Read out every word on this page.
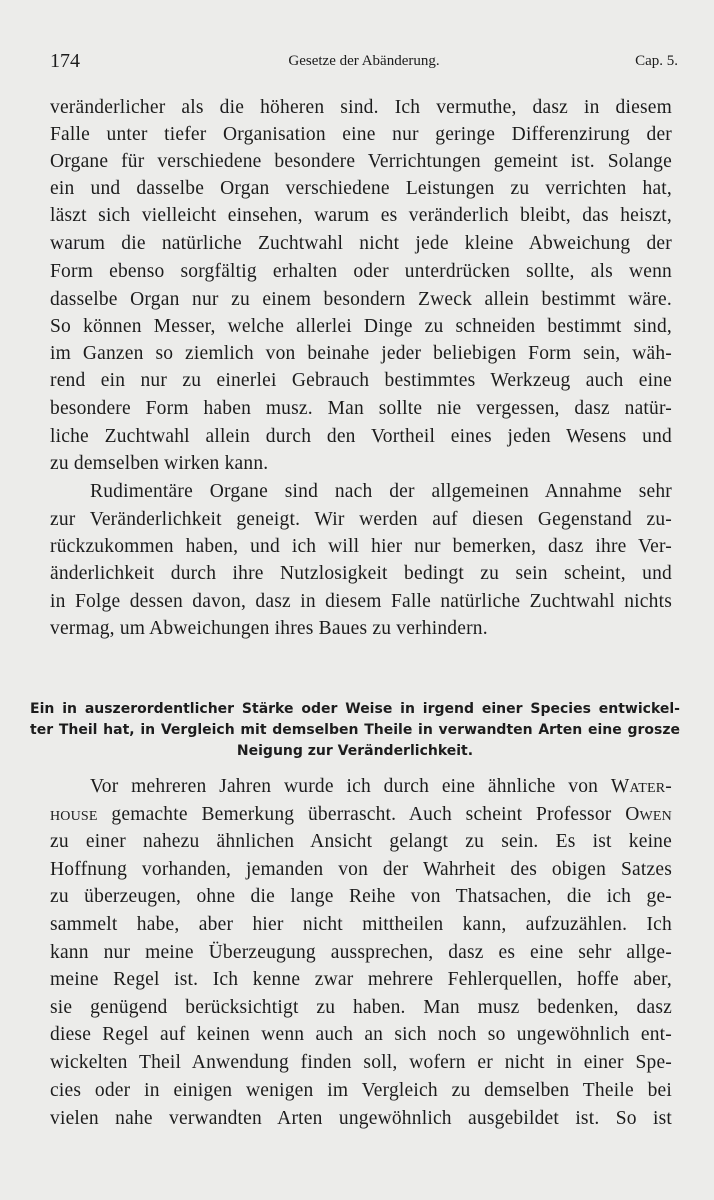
174	Gesetze der Abänderung.	Cap. 5.
veränderlicher als die höheren sind. Ich vermuthe, dasz in diesem
Falle unter tiefer Organisation eine nur geringe Differenzirung der
Organe für verschiedene besondere Verrichtungen gemeint ist. Solange
ein und dasselbe Organ verschiedene Leistungen zu verrichten hat,
läszt sich vielleicht einsehen, warum es veränderlich bleibt, das heiszt,
warum die natürliche Zuchtwahl nicht jede kleine Abweichung der
Form ebenso sorgfältig erhalten oder unterdrücken sollte, als wenn
dasselbe Organ nur zu einem besondern Zweck allein bestimmt wäre.
So können Messer, welche allerlei Dinge zu schneiden bestimmt sind,
im Ganzen so ziemlich von beinahe jeder beliebigen Form sein, wäh-
rend ein nur zu einerlei Gebrauch bestimmtes Werkzeug auch eine
besondere Form haben musz. Man sollte nie vergessen, dasz natür-
liche Zuchtwahl allein durch den Vortheil eines jeden Wesens und
zu demselben wirken kann.
Rudimentäre Organe sind nach der allgemeinen Annahme sehr
zur Veränderlichkeit geneigt. Wir werden auf diesen Gegenstand zu-
rückzukommen haben, und ich will hier nur bemerken, dasz ihre Ver-
änderlichkeit durch ihre Nutzlosigkeit bedingt zu sein scheint, und
in Folge dessen davon, dasz in diesem Falle natürliche Zuchtwahl nichts
vermag, um Abweichungen ihres Baues zu verhindern.
Ein in auszerordentlicher Stärke oder Weise in irgend einer Species entwickel-
ter Theil hat, in Vergleich mit demselben Theile in verwandten Arten eine grosze
Neigung zur Veränderlichkeit.
Vor mehreren Jahren wurde ich durch eine ähnliche von Water-
house gemachte Bemerkung überrascht. Auch scheint Professor Owen
zu einer nahezu ähnlichen Ansicht gelangt zu sein. Es ist keine
Hoffnung vorhanden, jemanden von der Wahrheit des obigen Satzes
zu überzeugen, ohne die lange Reihe von Thatsachen, die ich ge-
sammelt habe, aber hier nicht mittheilen kann, aufzuzählen. Ich
kann nur meine Überzeugung aussprechen, dasz es eine sehr allge-
meine Regel ist. Ich kenne zwar mehrere Fehlerquellen, hoffe aber,
sie genügend berücksichtigt zu haben. Man musz bedenken, dasz
diese Regel auf keinen wenn auch an sich noch so ungewöhnlich ent-
wickelten Theil Anwendung finden soll, wofern er nicht in einer Spe-
cies oder in einigen wenigen im Vergleich zu demselben Theile bei
vielen nahe verwandten Arten ungewöhnlich ausgebildet ist. So ist
